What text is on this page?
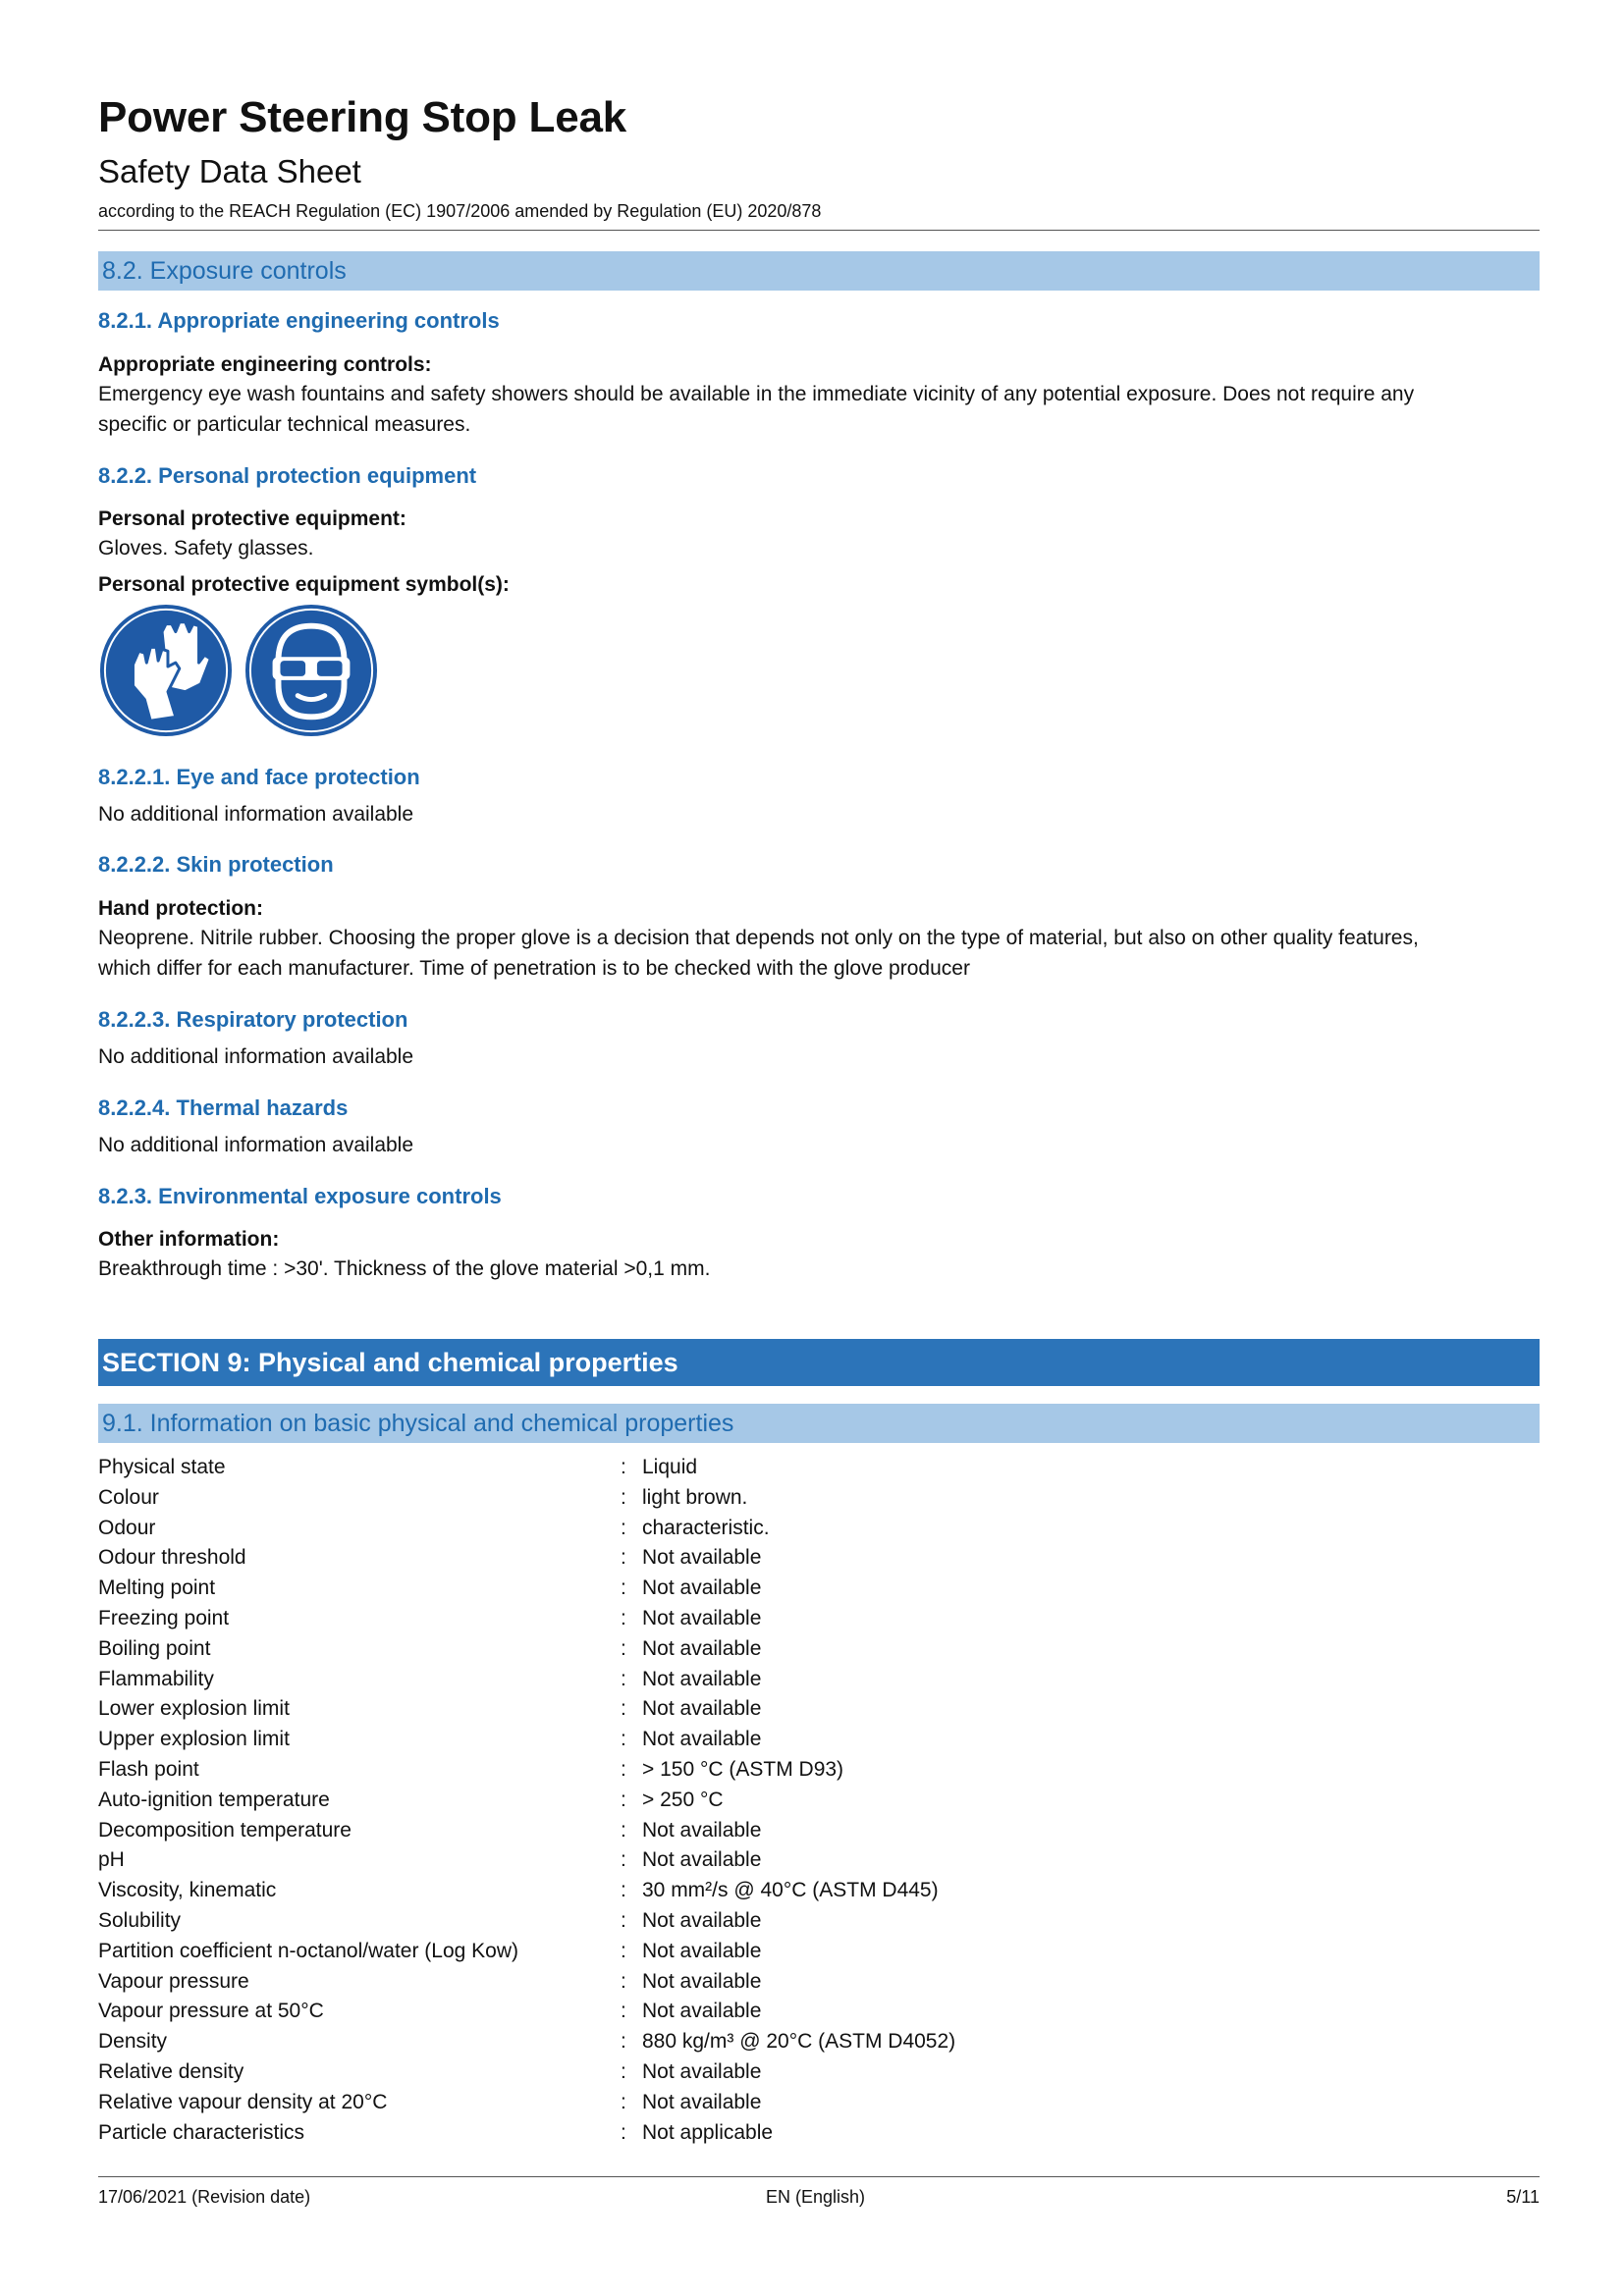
Power Steering Stop Leak
Safety Data Sheet
according to the REACH Regulation (EC) 1907/2006 amended by Regulation (EU) 2020/878
8.2. Exposure controls
8.2.1. Appropriate engineering controls
Appropriate engineering controls:
Emergency eye wash fountains and safety showers should be available in the immediate vicinity of any potential exposure. Does not require any
specific or particular technical measures.
8.2.2. Personal protection equipment
Personal protective equipment:
Gloves. Safety glasses.
Personal protective equipment symbol(s):
8.2.2.1. Eye and face protection
No additional information available
8.2.2.2. Skin protection
Hand protection:
Neoprene. Nitrile rubber. Choosing the proper glove is a decision that depends not only on the type of material, but also on other quality features,
which differ for each manufacturer. Time of penetration is to be checked with the glove producer
8.2.2.3. Respiratory protection
No additional information available
8.2.2.4. Thermal hazards
No additional information available
8.2.3. Environmental exposure controls
Other information:
Breakthrough time : >30'. Thickness of the glove material >0,1 mm.
SECTION 9: Physical and chemical properties
9.1. Information on basic physical and chemical properties
Physical state	: Liquid
Colour	: light brown.
Odour	: characteristic.
Odour threshold	: Not available
Melting point	: Not available
Freezing point	: Not available
Boiling point	: Not available
Flammability	: Not available
Lower explosion limit	: Not available
Upper explosion limit	: Not available
Flash point	: > 150 °C (ASTM D93)
Auto-ignition temperature	: > 250 °C
Decomposition temperature	: Not available
pH	: Not available
Viscosity, kinematic	: 30 mm²/s @ 40°C (ASTM D445)
Solubility	: Not available
Partition coefficient n-octanol/water (Log Kow)	: Not available
Vapour pressure	: Not available
Vapour pressure at 50°C	: Not available
Density	: 880 kg/m³ @ 20°C (ASTM D4052)
Relative density	: Not available
Relative vapour density at 20°C	: Not available
Particle characteristics	: Not applicable
17/06/2021 (Revision date)	EN (English)	5/11
